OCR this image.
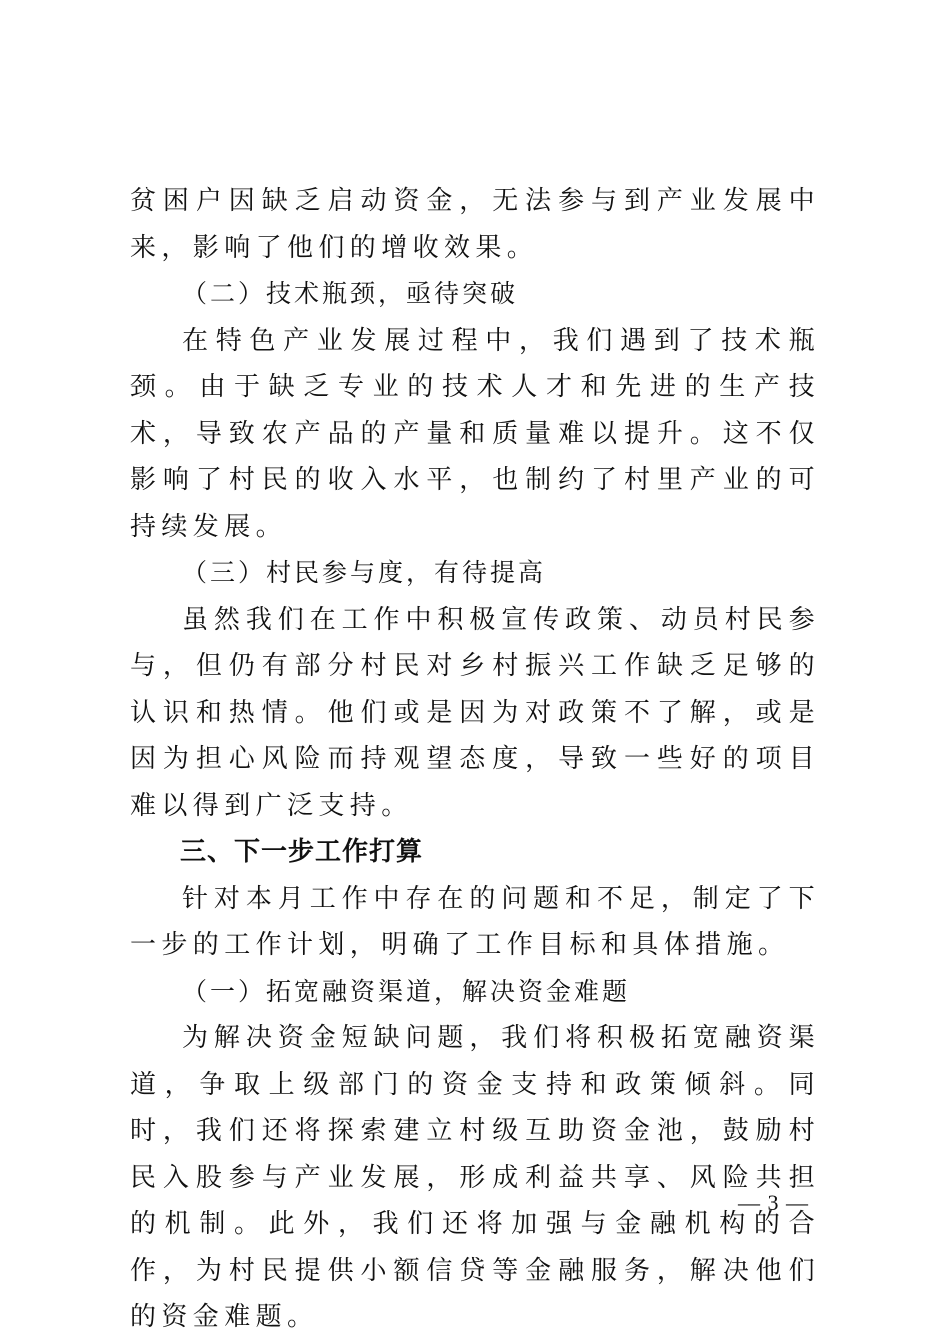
贫困户因缺乏启动资金，无法参与到产业发展中来，影响了他们的增收效果。

（二）技术瓶颈，亟待突破

在特色产业发展过程中，我们遇到了技术瓶颈。由于缺乏专业的技术人才和先进的生产技术，导致农产品的产量和质量难以提升。这不仅影响了村民的收入水平，也制约了村里产业的可持续发展。

（三）村民参与度，有待提高

虽然我们在工作中积极宣传政策、动员村民参与，但仍有部分村民对乡村振兴工作缺乏足够的认识和热情。他们或是因为对政策不了解，或是因为担心风险而持观望态度，导致一些好的项目难以得到广泛支持。

三、下一步工作打算

针对本月工作中存在的问题和不足，制定了下一步的工作计划，明确了工作目标和具体措施。

（一）拓宽融资渠道，解决资金难题

为解决资金短缺问题，我们将积极拓宽融资渠道，争取上级部门的资金支持和政策倾斜。同时，我们还将探索建立村级互助资金池，鼓励村民入股参与产业发展，形成利益共享、风险共担的机制。此外，我们还将加强与金融机构的合作，为村民提供小额信贷等金融服务，解决他们的资金难题。

— 3 —
